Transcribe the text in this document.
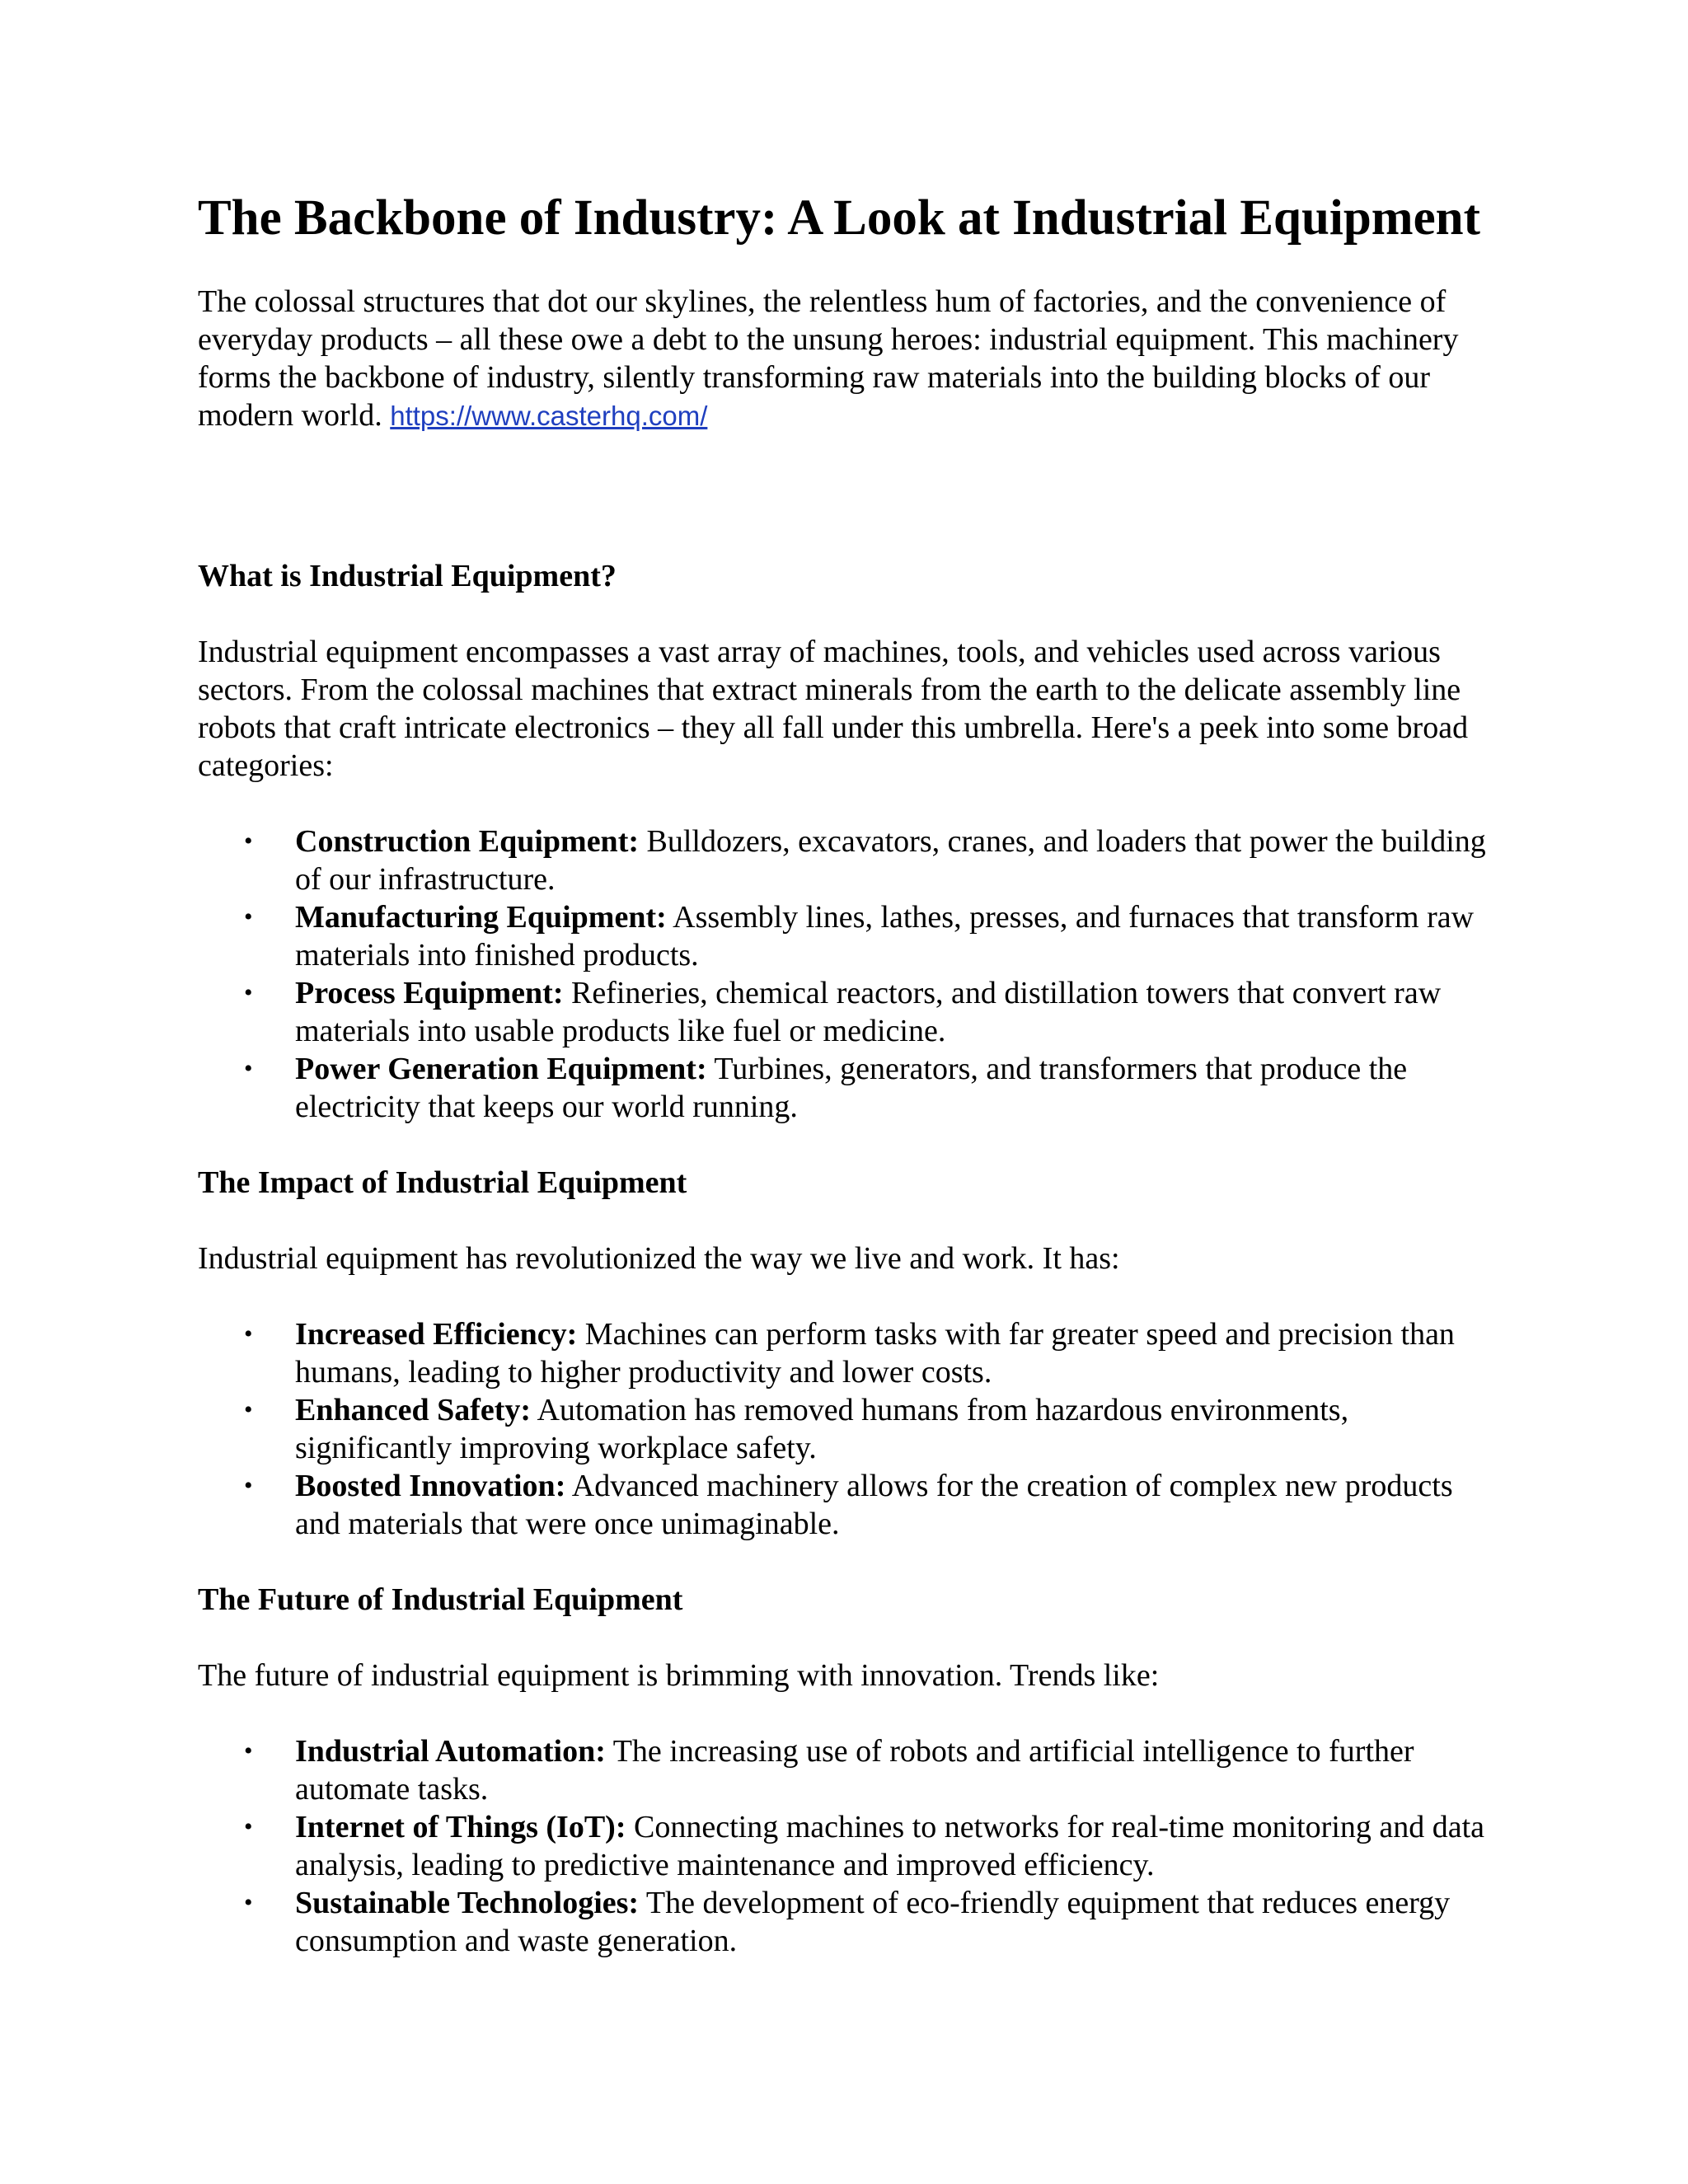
The Backbone of Industry: A Look at Industrial Equipment

The colossal structures that dot our skylines, the relentless hum of factories, and the convenience of everyday products – all these owe a debt to the unsung heroes: industrial equipment. This machinery forms the backbone of industry, silently transforming raw materials into the building blocks of our modern world. https://www.casterhq.com/

What is Industrial Equipment?

Industrial equipment encompasses a vast array of machines, tools, and vehicles used across various sectors. From the colossal machines that extract minerals from the earth to the delicate assembly line robots that craft intricate electronics – they all fall under this umbrella. Here's a peek into some broad categories:

• Construction Equipment: Bulldozers, excavators, cranes, and loaders that power the building of our infrastructure.
• Manufacturing Equipment: Assembly lines, lathes, presses, and furnaces that transform raw materials into finished products.
• Process Equipment: Refineries, chemical reactors, and distillation towers that convert raw materials into usable products like fuel or medicine.
• Power Generation Equipment: Turbines, generators, and transformers that produce the electricity that keeps our world running.
The Impact of Industrial Equipment

Industrial equipment has revolutionized the way we live and work. It has:

• Increased Efficiency: Machines can perform tasks with far greater speed and precision than humans, leading to higher productivity and lower costs.
• Enhanced Safety: Automation has removed humans from hazardous environments, significantly improving workplace safety.
• Boosted Innovation: Advanced machinery allows for the creation of complex new products and materials that were once unimaginable.
The Future of Industrial Equipment

The future of industrial equipment is brimming with innovation. Trends like:

• Industrial Automation: The increasing use of robots and artificial intelligence to further automate tasks.
• Internet of Things (IoT): Connecting machines to networks for real-time monitoring and data analysis, leading to predictive maintenance and improved efficiency.
• Sustainable Technologies: The development of eco-friendly equipment that reduces energy consumption and waste generation.
